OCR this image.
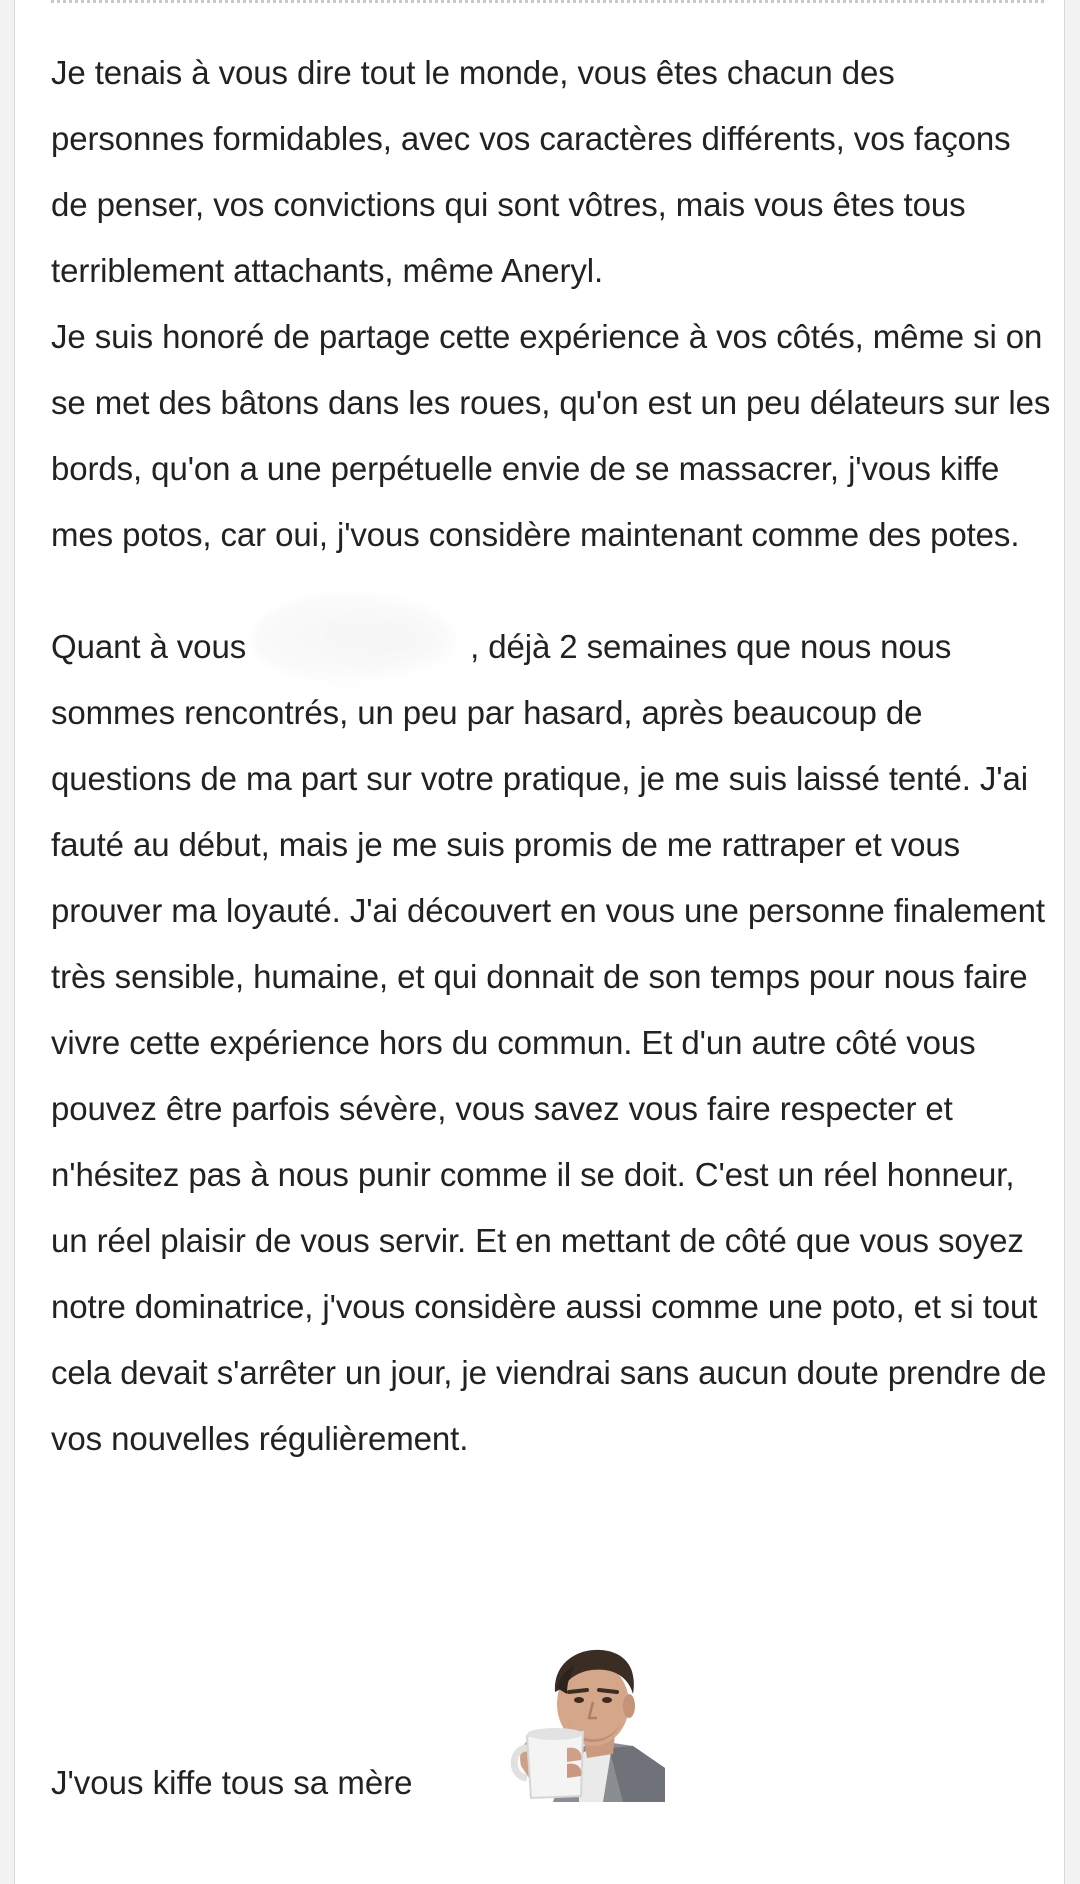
Je tenais à vous dire tout le monde, vous êtes chacun des personnes formidables, avec vos caractères différents, vos façons de penser, vos convictions qui sont vôtres, mais vous êtes tous terriblement attachants, même Aneryl.

Je suis honoré de partage cette expérience à vos côtés, même si on se met des bâtons dans les roues, qu'on est un peu délateurs sur les bords, qu'on a une perpétuelle envie de se massacrer, j'vous kiffe mes potos, car oui, j'vous considère maintenant comme des potes.

Quant à vous	, déjà 2 semaines que nous nous sommes rencontrés, un peu par hasard, après beaucoup de questions de ma part sur votre pratique, je me suis laissé tenté. J'ai fauté au début, mais je me suis promis de me rattraper et vous prouver ma loyauté. J'ai découvert en vous une personne finalement très sensible, humaine, et qui donnait de son temps pour nous faire vivre cette expérience hors du commun. Et d'un autre côté vous pouvez être parfois sévère, vous savez vous faire respecter et n'hésitez pas à nous punir comme il se doit. C'est un réel honneur, un réel plaisir de vous servir. Et en mettant de côté que vous soyez notre dominatrice, j'vous considère aussi comme une poto, et si tout cela devait s'arrêter un jour, je viendrai sans aucun doute prendre de vos nouvelles régulièrement.

J'vous kiffe tous sa mère
